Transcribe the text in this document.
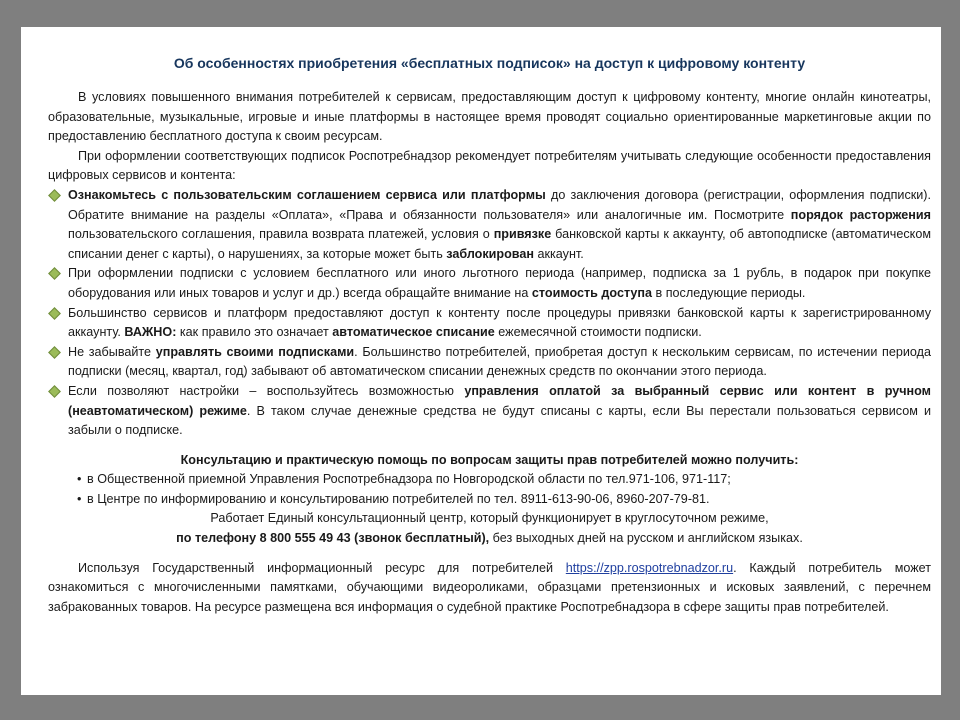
Об особенностях приобретения «бесплатных подписок» на доступ к цифровому контенту

В условиях повышенного внимания потребителей к сервисам, предоставляющим доступ к цифровому контенту, многие онлайн кинотеатры, образовательные, музыкальные, игровые и иные платформы в настоящее время проводят социально ориентированные маркетинговые акции по предоставлению бесплатного доступа к своим ресурсам.

При оформлении соответствующих подписок Роспотребнадзор рекомендует потребителям учитывать следующие особенности предоставления цифровых сервисов и контента:

Ознакомьтесь с пользовательским соглашением сервиса или платформы до заключения договора (регистрации, оформления подписки). Обратите внимание на разделы «Оплата», «Права и обязанности пользователя» или аналогичные им. Посмотрите порядок расторжения пользовательского соглашения, правила возврата платежей, условия о привязке банковской карты к аккаунту, об автоподписке (автоматическом списании денег с карты), о нарушениях, за которые может быть заблокирован аккаунт.
При оформлении подписки с условием бесплатного или иного льготного периода (например, подписка за 1 рубль, в подарок при покупке оборудования или иных товаров и услуг и др.) всегда обращайте внимание на стоимость доступа в последующие периоды.
Большинство сервисов и платформ предоставляют доступ к контенту после процедуры привязки банковской карты к зарегистрированному аккаунту. ВАЖНО: как правило это означает автоматическое списание ежемесячной стоимости подписки.
Не забывайте управлять своими подписками. Большинство потребителей, приобретая доступ к нескольким сервисам, по истечении периода подписки (месяц, квартал, год) забывают об автоматическом списании денежных средств по окончании этого периода.
Если позволяют настройки – воспользуйтесь возможностью управления оплатой за выбранный сервис или контент в ручном (неавтоматическом) режиме. В таком случае денежные средства не будут списаны с карты, если Вы перестали пользоваться сервисом и забыли о подписке.
Консультацию и практическую помощь по вопросам защиты прав потребителей можно получить:

• в Общественной приемной Управления Роспотребнадзора по Новгородской области по тел.971-106, 971-117;

• в Центре по информированию и консультированию потребителей по тел. 8911-613-90-06, 8960-207-79-81.

Работает Единый консультационный центр, который функционирует в круглосуточном режиме,
по телефону 8 800 555 49 43 (звонок бесплатный), без выходных дней на русском и английском языках.

Используя Государственный информационный ресурс для потребителей https://zpp.rospotrebnadzor.ru. Каждый потребитель может ознакомиться с многочисленными памятками, обучающими видеороликами, образцами претензионных и исковых заявлений, с перечнем забракованных товаров. На ресурсе размещена вся информация о судебной практике Роспотребнадзора в сфере защиты прав потребителей.
